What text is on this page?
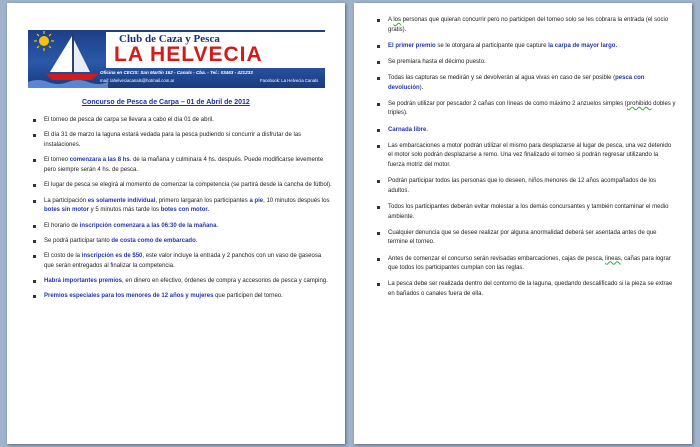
Club de Caza y Pesca
LA HELVECIA
Oficina en CECIS: San Martín 162 - Canals - Cba. - Tel.: 03463 - 421233
mail: lahelveciacanals@hotmail.com.ar	Facebook: La Helvecia Canals
Concurso de Pesca de Carpa – 01 de Abril de 2012
El torneo de pesca de carpa se llevara a cabo el día 01 de abril.
El día 31 de marzo la laguna estará vedada para la pesca pudiendo si concurrir a disfrutar de las instalaciones.
El torneo comenzara a las 8 hs. de la mañana y culminara 4 hs. después. Puede modificarse levemente pero siempre serán 4 hs. de pesca.
El lugar de pesca se elegirá al momento de comenzar la competencia (se partirá desde la cancha de fútbol).
La participación es solamente individual, primero largaran los participantes a pie, 10 minutos después los botes sin motor y 5 minutos más tarde los botes con motor.
El horario de inscripción comenzara a las 06:30 de la mañana.
Se podrá participar tanto de costa como de embarcado.
El costo de la inscripción es de $50, este valor incluye la entrada y 2 panchos con un vaso de gaseosa que serán entregados al finalizar la competencia.
Habrá importantes premios, en dinero en efectivo, órdenes de compra y accesorios de pesca y camping.
Premios especiales para los menores de 12 años y mujeres que participen del torneo.
A los personas que quieran concurrir pero no participen del torneo solo se les cobrara la entrada (el socio gratis).
El primer premio se le otorgara al participante que capture la carpa de mayor largo.
Se premiara hasta el décimo puesto.
Todas las capturas se medirán y se devolverán al agua vivas en caso de ser posible (pesca con devolución).
Se podrán utilizar por pescador 2 cañas con líneas de como máximo 2 anzuelos simples (prohibido dobles y triples).
Carnada libre.
Las embarcaciones a motor podrán utilizar el mismo para desplazarse al lugar de pesca, una vez detenido el motor solo podrán desplazarse a remo. Una vez finalizado el torneo si podrán regresar utilizando la fuerza motriz del motor.
Podrán participar todos las personas que lo deseen, niños menores de 12 años acompañados de los adultos.
Todos los participantes deberán evitar molestar a los demás concursantes y también contaminar el medio ambiente.
Cualquier denuncia que se desee realizar por alguna anormalidad deberá ser asentada antes de que termine el torneo.
Antes de comenzar el concurso serán revisadas embarcaciones, cajas de pesca, lineas, cañas para lograr que todos los participantes cumplan con las reglas.
La pesca debe ser realizada dentro del contorno de la laguna, quedando descalificado si la pieza se extrae en bañados o canales fuera de ella.
